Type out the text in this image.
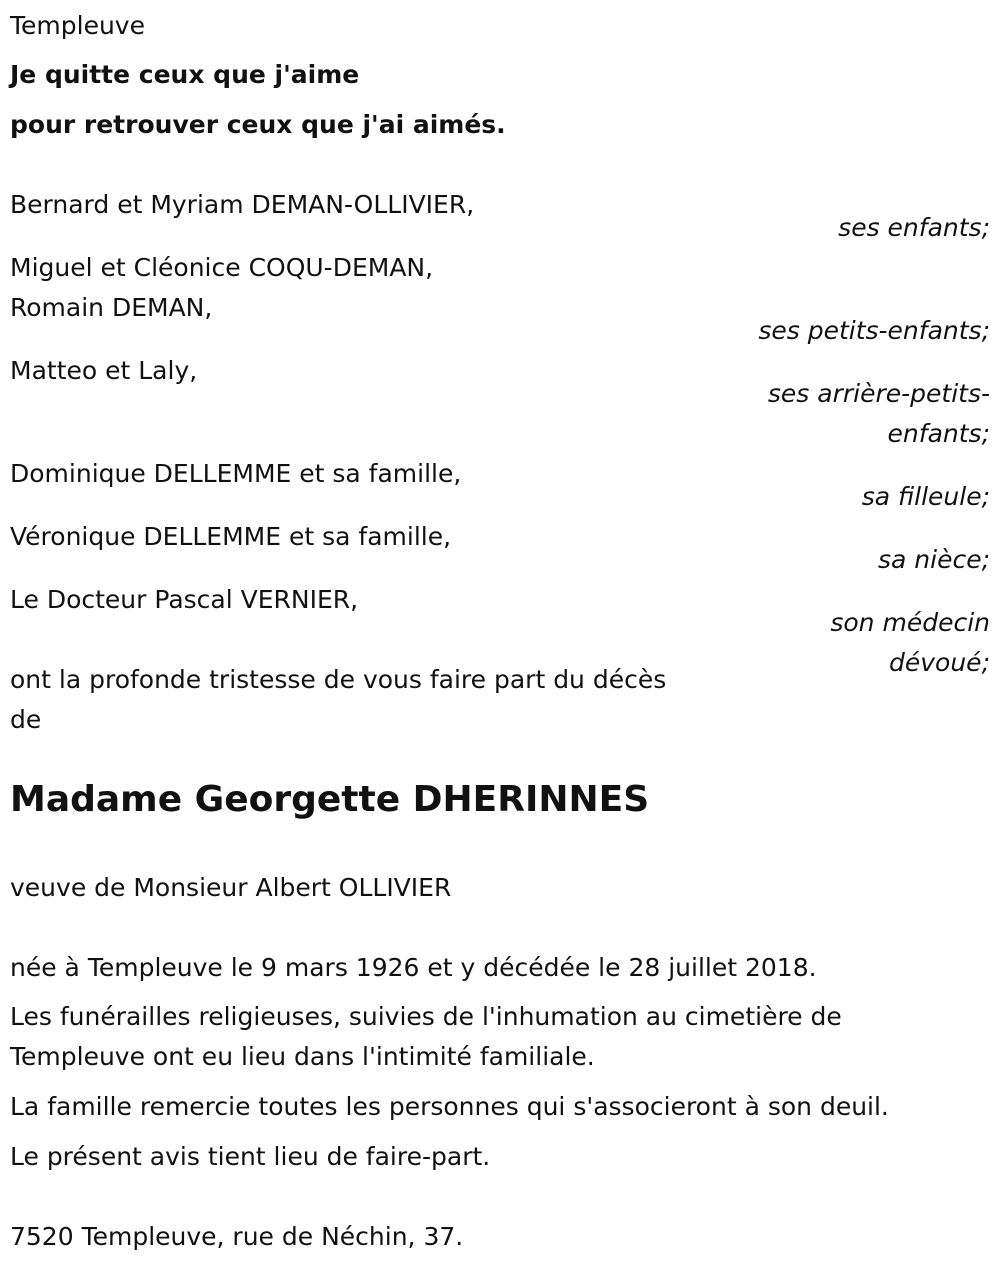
Templeuve
Je quitte ceux que j'aime
pour retrouver ceux que j'ai aimés.
Bernard et Myriam DEMAN-OLLIVIER,
ses enfants;
Miguel et Cléonice COQU-DEMAN,
Romain DEMAN,
ses petits-enfants;
Matteo et Laly,
ses arrière-petits-
enfants;
Dominique DELLEMME et sa famille,
sa filleule;
Véronique DELLEMME et sa famille,
sa nièce;
Le Docteur Pascal VERNIER,
son médecin
dévoué;
ont la profonde tristesse de vous faire part du décès
de
Madame Georgette DHERINNES
veuve de Monsieur Albert OLLIVIER
née à Templeuve le 9 mars 1926 et y décédée le 28 juillet 2018.
Les funérailles religieuses, suivies de l'inhumation au cimetière de
Templeuve ont eu lieu dans l'intimité familiale.
La famille remercie toutes les personnes qui s'associeront à son deuil.
Le présent avis tient lieu de faire-part.
7520 Templeuve, rue de Néchin, 37.
